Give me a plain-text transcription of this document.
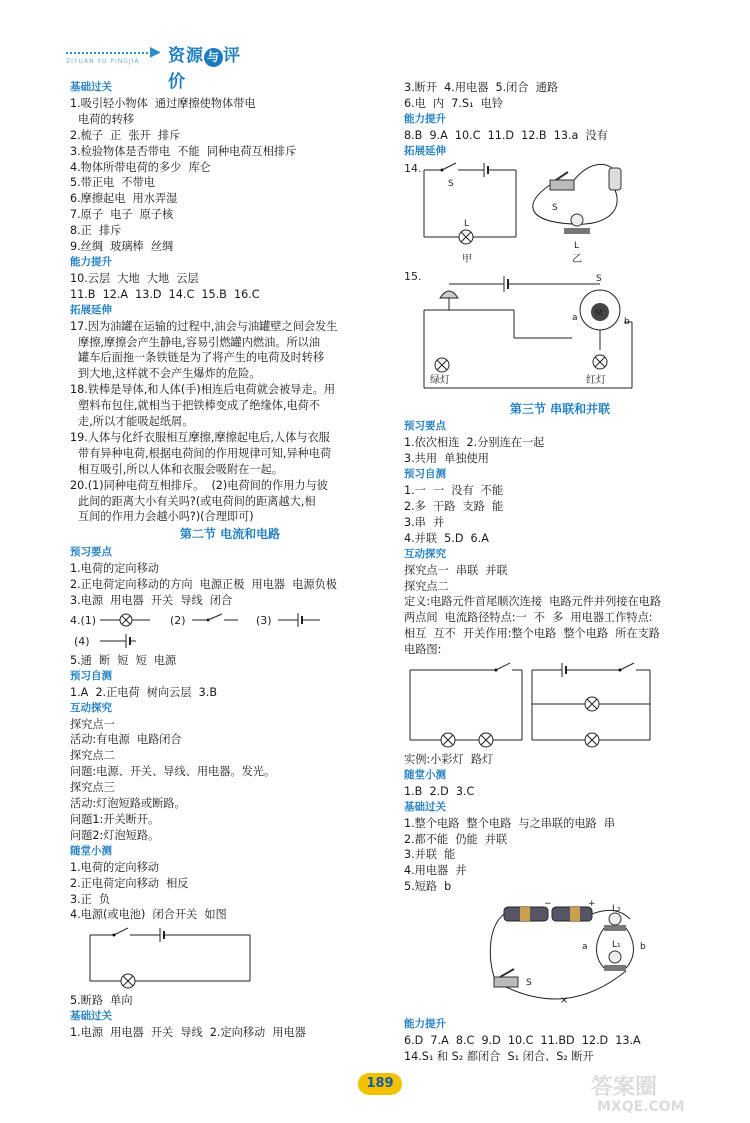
ZIYUAN YU PINGJIA
▶ 资源 与 评价
基础过关
1.吸引轻小物体  通过摩擦使物体带电
电荷的转移
2.梳子  正  张开  排斥
3.检验物体是否带电  不能  同种电荷互相排斥
4.物体所带电荷的多少  库仑
5.带正电  不带电
6.摩擦起电  用水弄湿
7.原子  电子  原子核
8.正  排斥
9.丝绸  玻璃棒  丝绸
能力提升
10.云层  大地  大地  云层
11.B  12.A  13.D  14.C  15.B  16.C
拓展延伸
17.因为油罐在运输的过程中,油会与油罐壁之间会发生
摩擦,摩擦会产生静电,容易引燃罐内燃油。所以油
罐车后面拖一条铁链是为了将产生的电荷及时转移
到大地,这样就不会产生爆炸的危险。
18.铁棒是导体,和人体(手)相连后电荷就会被导走。用
塑料布包住,就相当于把铁棒变成了绝缘体,电荷不
走,所以才能吸起纸屑。
19.人体与化纤衣服相互摩擦,摩擦起电后,人体与衣服
带有异种电荷,根据电荷间的作用规律可知,异种电荷
相互吸引,所以人体和衣服会吸附在一起。
20.(1)同种电荷互相排斥。  (2)电荷间的作用力与彼
此间的距离大小有关吗?(或电荷间的距离越大,相
互间的作用力会越小吗?)(合理即可)
第二节 电流和电路
预习要点
1.电荷的定向移动
2.正电荷定向移动的方向  电源正极  用电器  电源负极
3.电源  用电器  开关  导线  闭合
4.(1)	(2)	(3)
(4)
5.通  断  短  短  电源
预习自测
1.A  2.正电荷  树向云层  3.B
互动探究
探究点一
活动:有电源  电路闭合
探究点二
问题:电源、开关、导线、用电器。发光。
探究点三
活动:灯泡短路或断路。
问题1:开关断开。
问题2:灯泡短路。
随堂小测
1.电荷的定向移动
2.正电荷定向移动  相反
3.正  负
4.电源(或电池)  闭合开关  如图
5.断路  单向
基础过关
1.电源  用电器  开关  导线  2.定向移动  用电器
3.断开  4.用电器  5.闭合  通路
6.电  内  7.S₁  电铃
能力提升
8.B  9.A  10.C  11.D  12.B  13.a  没有
拓展延伸
14.
S
L
甲
S
L
乙
15.
M
S
a	b
绿灯	红灯
第三节 串联和并联
预习要点
1.依次相连  2.分别连在一起
3.共用  单独使用
预习自测
1.一  一  没有  不能
2.多  干路  支路  能
3.串  并
4.并联  5.D  6.A
互动探究
探究点一  串联  并联
探究点二
定义:电路元件首尾顺次连接  电路元件并列接在电路
两点间  电流路径特点:一  不  多  用电器工作特点:
相互  互不  开关作用:整个电路  整个电路  所在支路
电路图:
实例:小彩灯  路灯
随堂小测
1.B  2.D  3.C
基础过关
1.整个电路  整个电路  与之串联的电路  串
2.都不能  仍能  并联
3.并联  能
4.用电器  并
5.短路  b
−	+ L₂
L₁
a	b
S
×
能力提升
6.D  7.A  8.C  9.D  10.C  11.BD  12.D  13.A
14.S₁ 和 S₂ 都闭合  S₁ 闭合、S₂ 断开
189	答案圈
MXQE.COM
